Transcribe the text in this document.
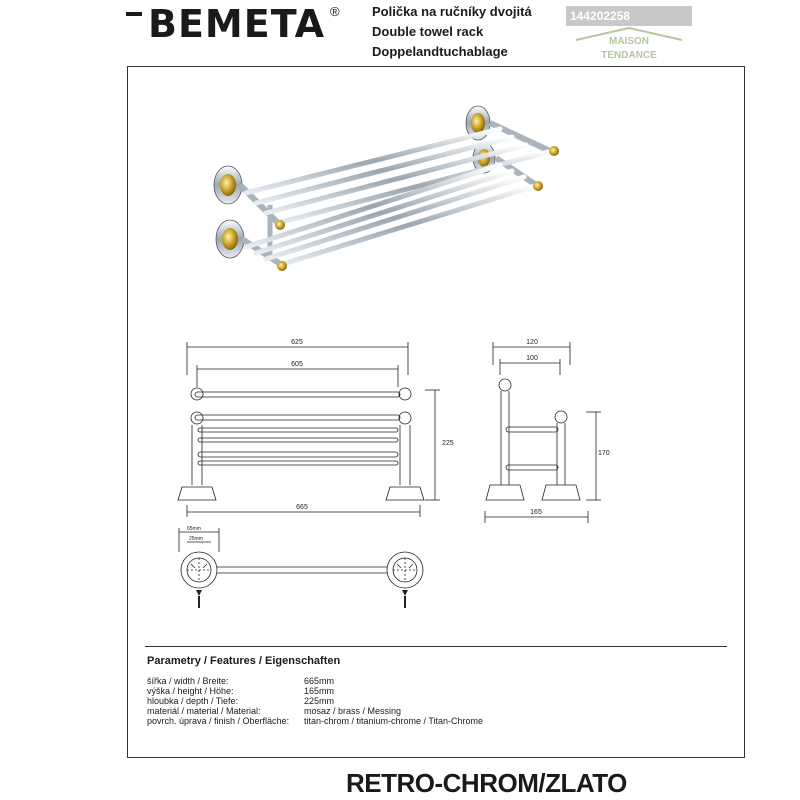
BEMETA ® Polička na ručníky dvojitá
Double towel rack
Doppelandtuchablage
144202258
MAISON
TENDANCE
625
605
225
665
120
100
170
165
65mm
25mm
Parametry / Features / Eigenschaften
šířka / width / Breite:	665mm
výška / height / Höhe:	165mm
hloubka / depth / Tiefe:	225mm
materiál / material / Material:	mosaz / brass / Messing
povrch. úprava / finish / Oberfläche:	titan-chrom / titanium-chrome / Titan-Chrome
RETRO-CHROM/ZLATO
